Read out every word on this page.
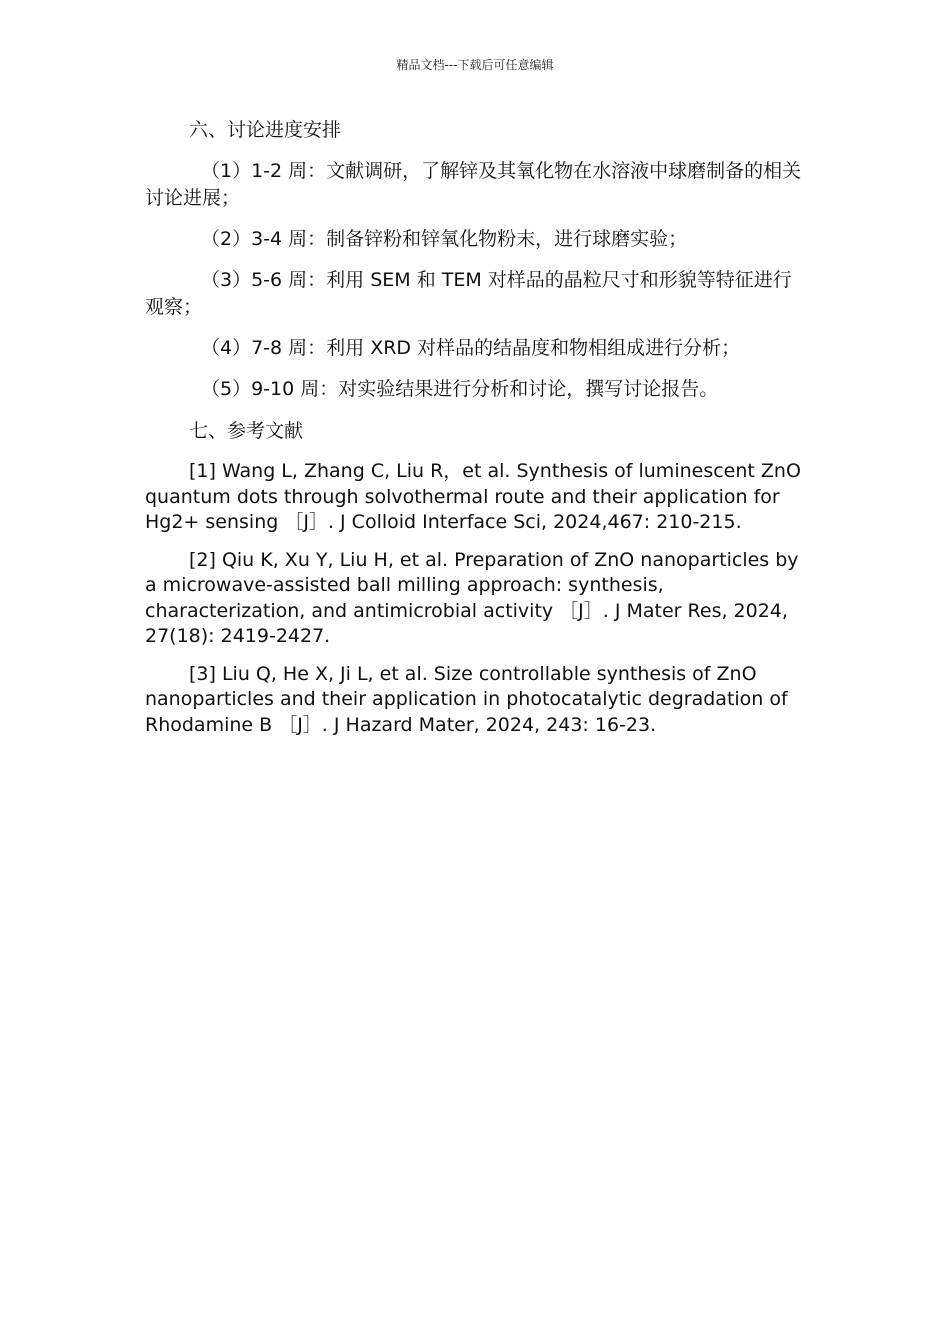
精品文档---下载后可任意编辑
六、讨论进度安排
（1）1-2 周：文献调研，了解锌及其氧化物在水溶液中球磨制备的相关讨论进展；
（2）3-4 周：制备锌粉和锌氧化物粉末，进行球磨实验；
（3）5-6 周：利用 SEM 和 TEM 对样品的晶粒尺寸和形貌等特征进行观察；
（4）7-8 周：利用 XRD 对样品的结晶度和物相组成进行分析；
（5）9-10 周：对实验结果进行分析和讨论，撰写讨论报告。
七、参考文献
[1] Wang L, Zhang C, Liu R，et al. Synthesis of luminescent ZnO quantum dots through solvothermal route and their application for Hg2+ sensing ［J］. J Colloid Interface Sci, 2024,467: 210-215.
[2] Qiu K, Xu Y, Liu H, et al. Preparation of ZnO nanoparticles by a microwave-assisted ball milling approach: synthesis, characterization, and antimicrobial activity ［J］. J Mater Res, 2024, 27(18): 2419-2427.
[3] Liu Q, He X, Ji L, et al. Size controllable synthesis of ZnO nanoparticles and their application in photocatalytic degradation of Rhodamine B ［J］. J Hazard Mater, 2024, 243: 16-23.
